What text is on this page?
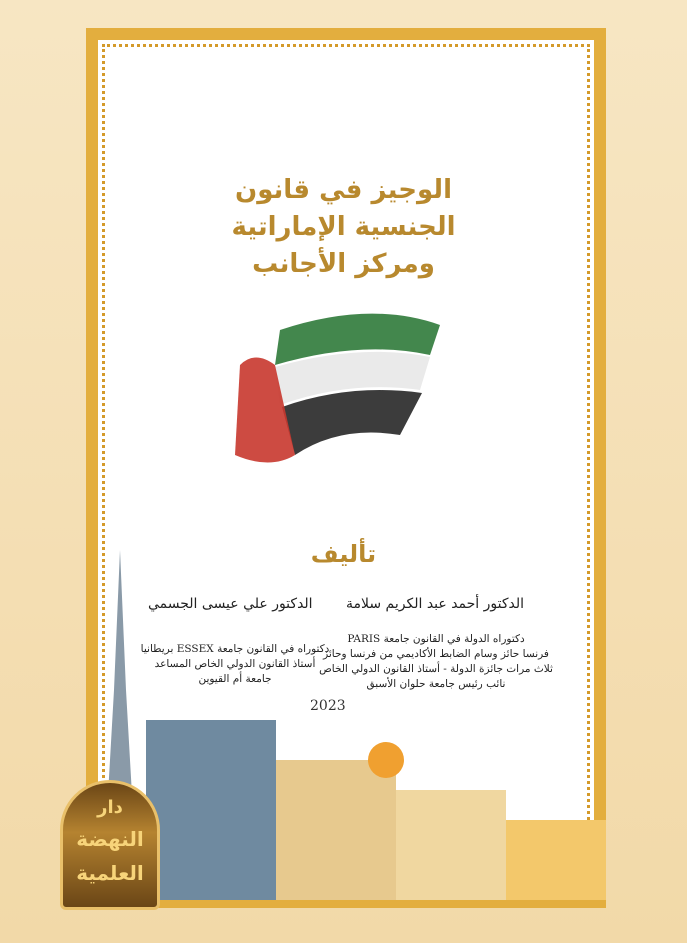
الوجيز في قانون
الجنسية الإماراتية
ومركز الأجانب
تأليف
الدكتور أحمد عبد الكريم سلامة
الدكتور علي عيسى الجسمي
دكتوراه الدولة في القانون جامعة PARIS
فرنسا حائز وسام الضابط الأكاديمي من فرنسا وحائز
ثلاث مرات جائزة الدولة - أستاذ القانون الدولي الخاص
نائب رئيس جامعة حلوان الأسبق
دكتوراه في القانون جامعة ESSEX بريطانيا
أستاذ القانون الدولي الخاص المساعد
جامعة أم القيوين
2023
دار
النهضة
العلمية
